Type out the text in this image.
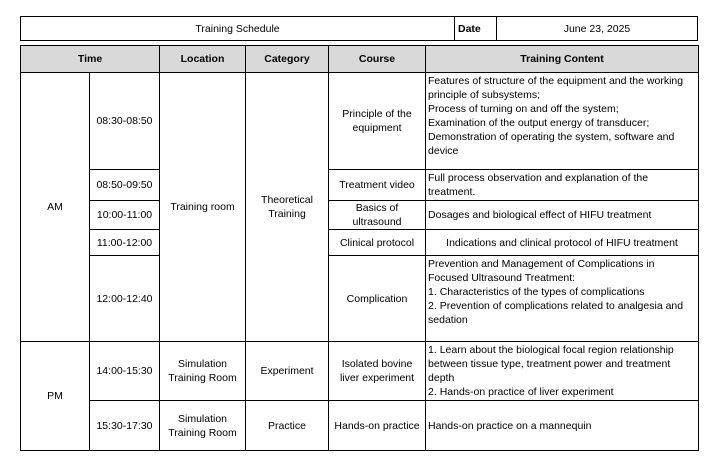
Training Schedule	Date	June 23, 2025
Time		Location	Category	Course	Training Content
AM	08:30-08:50	Training room	Theoretical Training	Principle of the equipment	Features of structure of the equipment and the working principle of subsystems;
Process of turning on and off the system;
Examination of the output energy of transducer;
Demonstration of operating the system, software and device

	08:50-09:50			Treatment video	Full process observation and explanation of the treatment.

	10:00-11:00			Basics of ultrasound	Dosages and biological effect of HIFU treatment

	11:00-12:00			Clinical protocol	Indications and clinical protocol of HIFU treatment

	12:00-12:40			Complication	Prevention and Management of Complications in Focused Ultrasound Treatment:
1. Characteristics of the types of complications
2. Prevention of complications related to analgesia and sedation

PM	14:00-15:30	Simulation Training Room	Experiment	Isolated bovine liver experiment	1. Learn about the biological focal region relationship between tissue type, treatment power and treatment depth
2. Hands-on practice of liver experiment

	15:30-17:30	Simulation Training Room	Practice	Hands-on practice	Hands-on practice on a mannequin
